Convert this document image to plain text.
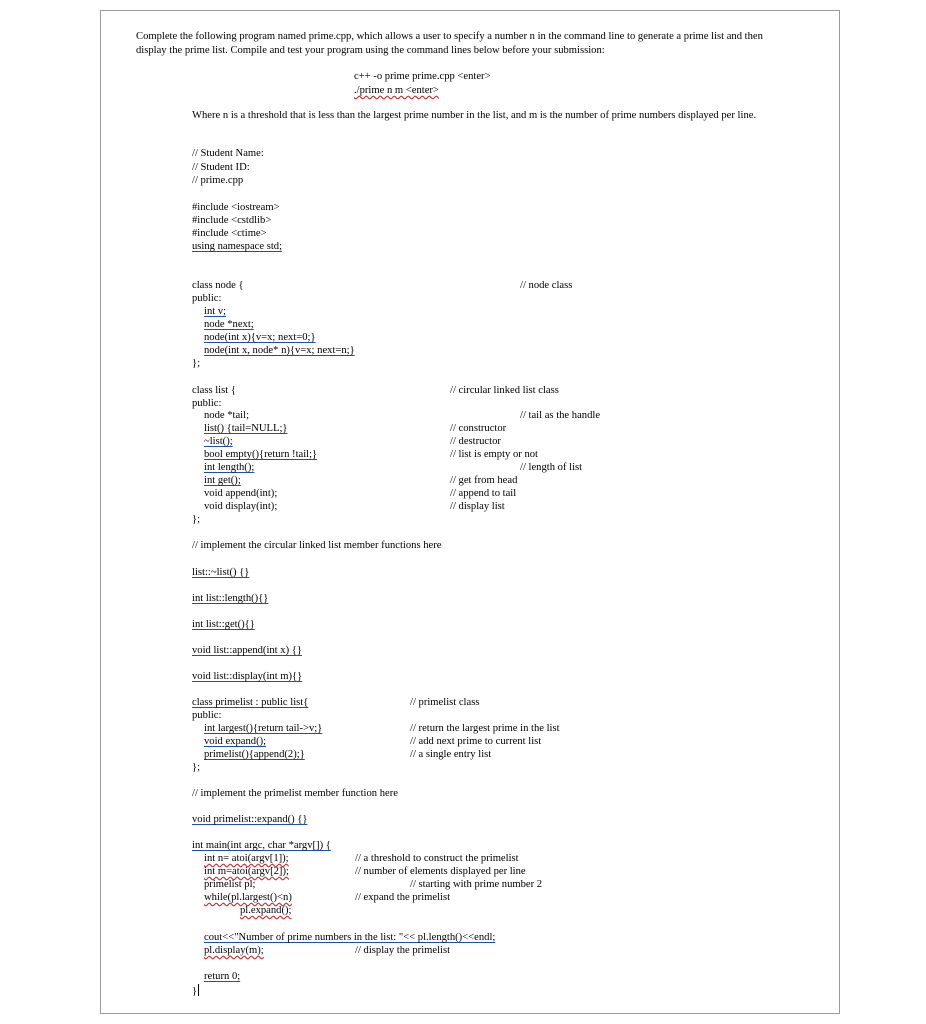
Complete the following program named prime.cpp, which allows a user to specify a number n in the command line to generate a prime list and then display the prime list. Compile and test your program using the command lines below before your submission:
c++ -o prime prime.cpp <enter>
./prime n m <enter>
Where n is a threshold that is less than the largest prime number in the list, and m is the number of prime numbers displayed per line.
// Student Name:
// Student ID:
// prime.cpp
#include <iostream>
#include <cstdlib>
#include <ctime>
using namespace std;
class node {
public:
int v;
node *next;
node(int x){v=x; next=0;}
node(int x, node* n){v=x; next=n;}
};
// node class
class list {
public:
node *tail;
list() {tail=NULL;}
~list();
bool empty(){return !tail;}
int length();
int get();
void append(int);
void display(int);
};
// circular linked list class
// tail as the handle
// constructor
// destructor
// list is empty or not
// length of list
// get from head
// append to tail
// display list
// implement the circular linked list member functions here
list::~list() {}
int list::length(){}
int list::get(){}
void list::append(int x) {}
void list::display(int m){}
class primelist : public list{
public:
int largest(){return tail->v;}
void expand();
primelist(){append(2);}
};
// primelist class
// return the largest prime in the list
// add next prime to current list
// a single entry list
// implement the primelist member function here
void primelist::expand() {}
int main(int argc, char *argv[]) {
int n= atoi(argv[1]);
int m=atoi(argv[2]);
primelist pl;
while(pl.largest()<n)
pl.expand();
cout<<"Number of prime numbers in the list: "<< pl.length()<<endl;
pl.display(m);
return 0;
}
// a threshold to construct the primelist
// number of elements displayed per line
// starting with prime number 2
// expand the primelist
// display the primelist
